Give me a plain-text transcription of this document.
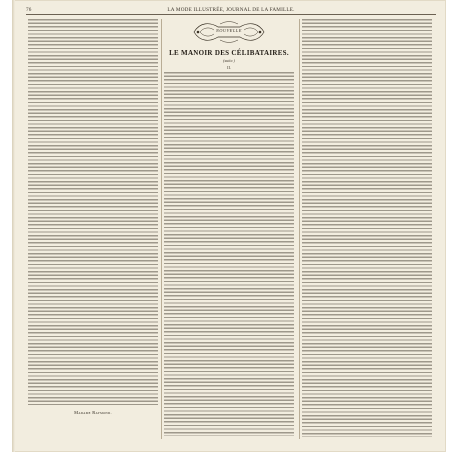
76	LA MODE ILLUSTRÉE, JOURNAL DE LA FAMILLE.
Madame Raymond.
NOUVELLE
LE MANOIR DES CÉLIBATAIRES.
(suite.)
II.
